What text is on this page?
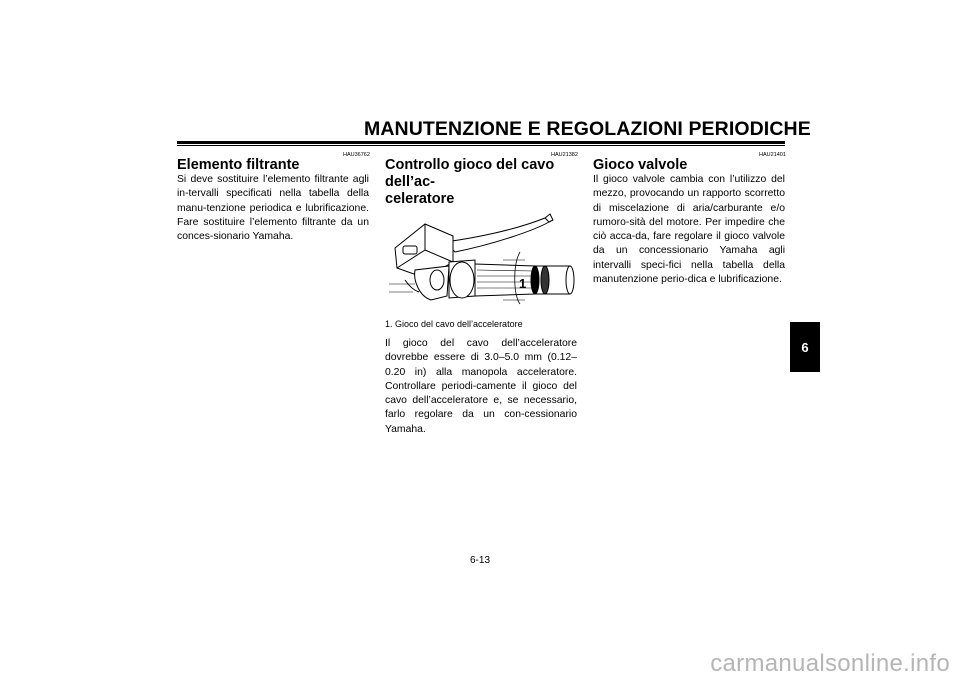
MANUTENZIONE E REGOLAZIONI PERIODICHE
HAU36762
Elemento filtrante

Si deve sostituire l’elemento filtrante agli in-tervalli specificati nella tabella della manu-tenzione periodica e lubrificazione. Fare sostituire l’elemento filtrante da un conces-sionario Yamaha.

HAU21382
Controllo gioco del cavo dell’ac-
celeratore
1
1. Gioco del cavo dell’acceleratore

Il gioco del cavo dell’acceleratore dovrebbe essere di 3.0–5.0 mm (0.12–0.20 in) alla manopola acceleratore. Controllare periodi-camente il gioco del cavo dell’acceleratore e, se necessario, farlo regolare da un con-cessionario Yamaha.

HAU21401
Gioco valvole

Il gioco valvole cambia con l’utilizzo del mezzo, provocando un rapporto scorretto di miscelazione di aria/carburante e/o rumoro-sità del motore. Per impedire che ciò acca-da, fare regolare il gioco valvole da un concessionario Yamaha agli intervalli speci-fici nella tabella della manutenzione perio-dica e lubrificazione.

6
6-13
carmanualsonline.info
